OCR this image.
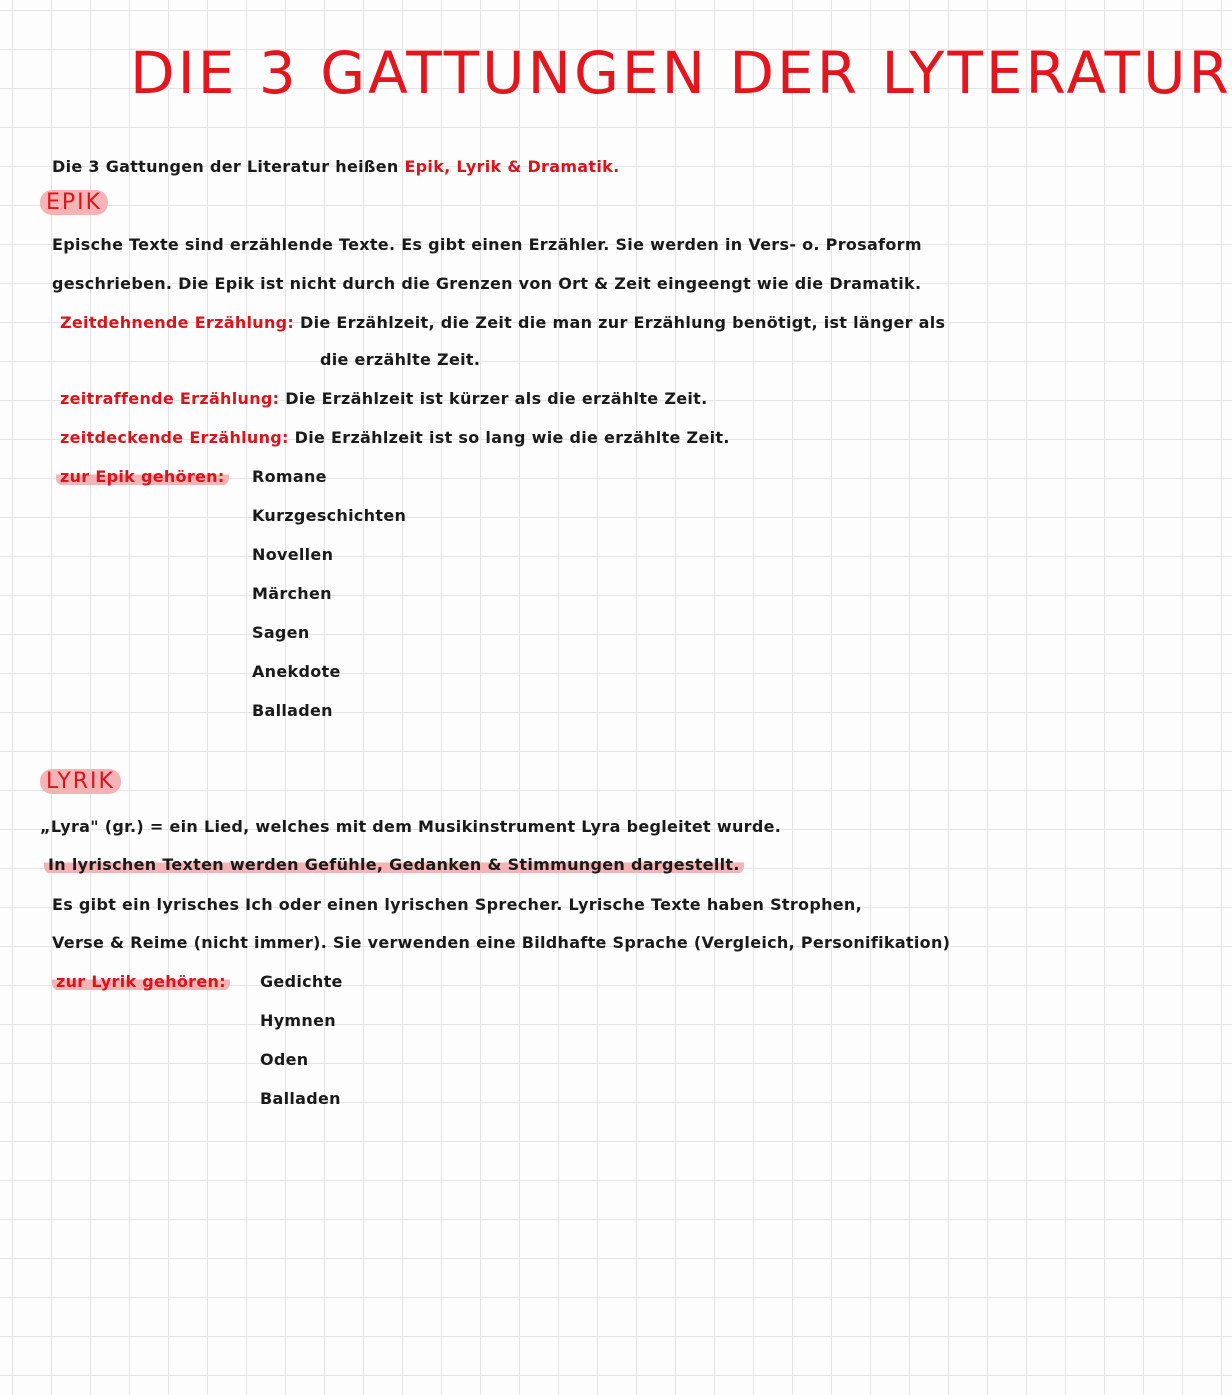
DIE 3 GATTUNGEN DER LYTERATUR
Die 3 Gattungen der Literatur heißen Epik, Lyrik & Dramatik.
EPIK
Epische Texte sind erzählende Texte. Es gibt einen Erzähler. Sie werden in Vers- o. Prosaform
geschrieben. Die Epik ist nicht durch die Grenzen von Ort & Zeit eingeengt wie die Dramatik.
Zeitdehnende Erzählung: Die Erzählzeit, die Zeit die man zur Erzählung benötigt, ist länger als
die erzählte Zeit.
zeitraffende Erzählung: Die Erzählzeit ist kürzer als die erzählte Zeit.
zeitdeckende Erzählung: Die Erzählzeit ist so lang wie die erzählte Zeit.
zur Epik gehören: Romane
Kurzgeschichten
Novellen
Märchen
Sagen
Anekdote
Balladen
LYRIK
„Lyra" (gr.) = ein Lied, welches mit dem Musikinstrument Lyra begleitet wurde.
In lyrischen Texten werden Gefühle, Gedanken & Stimmungen dargestellt.
Es gibt ein lyrisches Ich oder einen lyrischen Sprecher. Lyrische Texte haben Strophen,
Verse & Reime (nicht immer). Sie verwenden eine Bildhafte Sprache (Vergleich, Personifikation)
zur Lyrik gehören: Gedichte
Hymnen
Oden
Balladen
